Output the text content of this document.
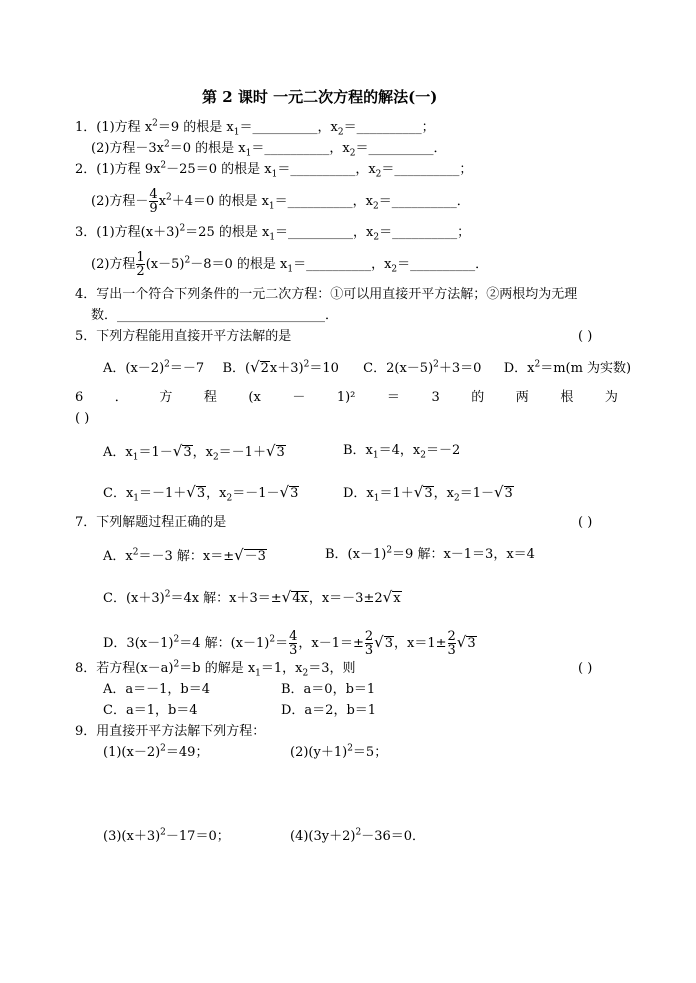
第 2 课时 一元二次方程的解法(一)
1．(1)方程 $x^2=9$ 的根是 $x_1=\_\_\_\_\_\_\_\_\_\_$，$x_2=\_\_\_\_\_\_\_\_\_\_$；
(2)方程$-3x^2=0$ 的根是 $x_1=\_\_\_\_\_\_\_\_\_\_$，$x_2=\_\_\_\_\_\_\_\_\_\_$．
2．(1)方程 $9x^2-25=0$ 的根是 $x_1=\_\_\_\_\_\_\_\_\_\_$，$x_2=\_\_\_\_\_\_\_\_\_\_$；
(2)方程－ $\frac{4}{9} x^2+4=0$ 的根是 $x_1=\_\_\_\_\_\_\_\_\_\_$，$x_2=\_\_\_\_\_\_\_\_\_\_$．
3．(1)方程$(x+3)^2=25$ 的根是 $x_1=\_\_\_\_\_\_\_\_\_\_$，$x_2=\_\_\_\_\_\_\_\_\_\_$；
(2)方程 $\frac{1}{2} (x-5)^2-8=0$ 的根是 $x_1=\_\_\_\_\_\_\_\_\_\_$，$x_2=\_\_\_\_\_\_\_\_\_\_$．
4．写出一个符合下列条件的一元二次方程：①可以用直接开平方法解；②两根均为无理
数．________________________________．
5．下列方程能用直接开平方法解的是	( )
A．$(x-2)^2=-7$ B．$(√2x+3)^2=10$ C．$2(x-5)^2+3=0$ D．$x^2=m(m$ 为实数)
6 ． 方 程 (x － 1)² ＝ 3 的 两 根 为
( )
A．$x_1=1-√3$，$x_2=-1+√3$	B．$x_1=4$，$x_2=-2$
C．$x_1=-1+√3$，$x_2=-1-√3$	D．$x_1=1+√3$，$x_2=1-√3$
7．下列解题过程正确的是	( )
A．$x^2=-3$ 解：x＝±√－3	B．$(x-1)^2=9$ 解：x－1＝3，x＝4
C．$(x+3)^2=4x$ 解：x＋3＝±√4x，x＝－3±2√x
D．$3(x-1)^2=4$ 解：$(x-1)^2= \frac{4}{3}$ ，$x-1=\pm \frac{2}{3} √3$，$x=1\pm \frac{2}{3} √3$
8．若方程$(x-a)^2=b$ 的解是 $x_1=1$，$x_2=3$，则	( )
A．a＝－1，b＝4	B．a＝0，b＝1
C．a＝1，b＝4	D．a＝2，b＝1
9．用直接开平方法解下列方程：
$(1)(x-2)^2=49$；	$(2)(y+1)^2=5$；
$(3)(x+3)^2-17=0$；	$(4)(3y+2)^2-36=0$．
